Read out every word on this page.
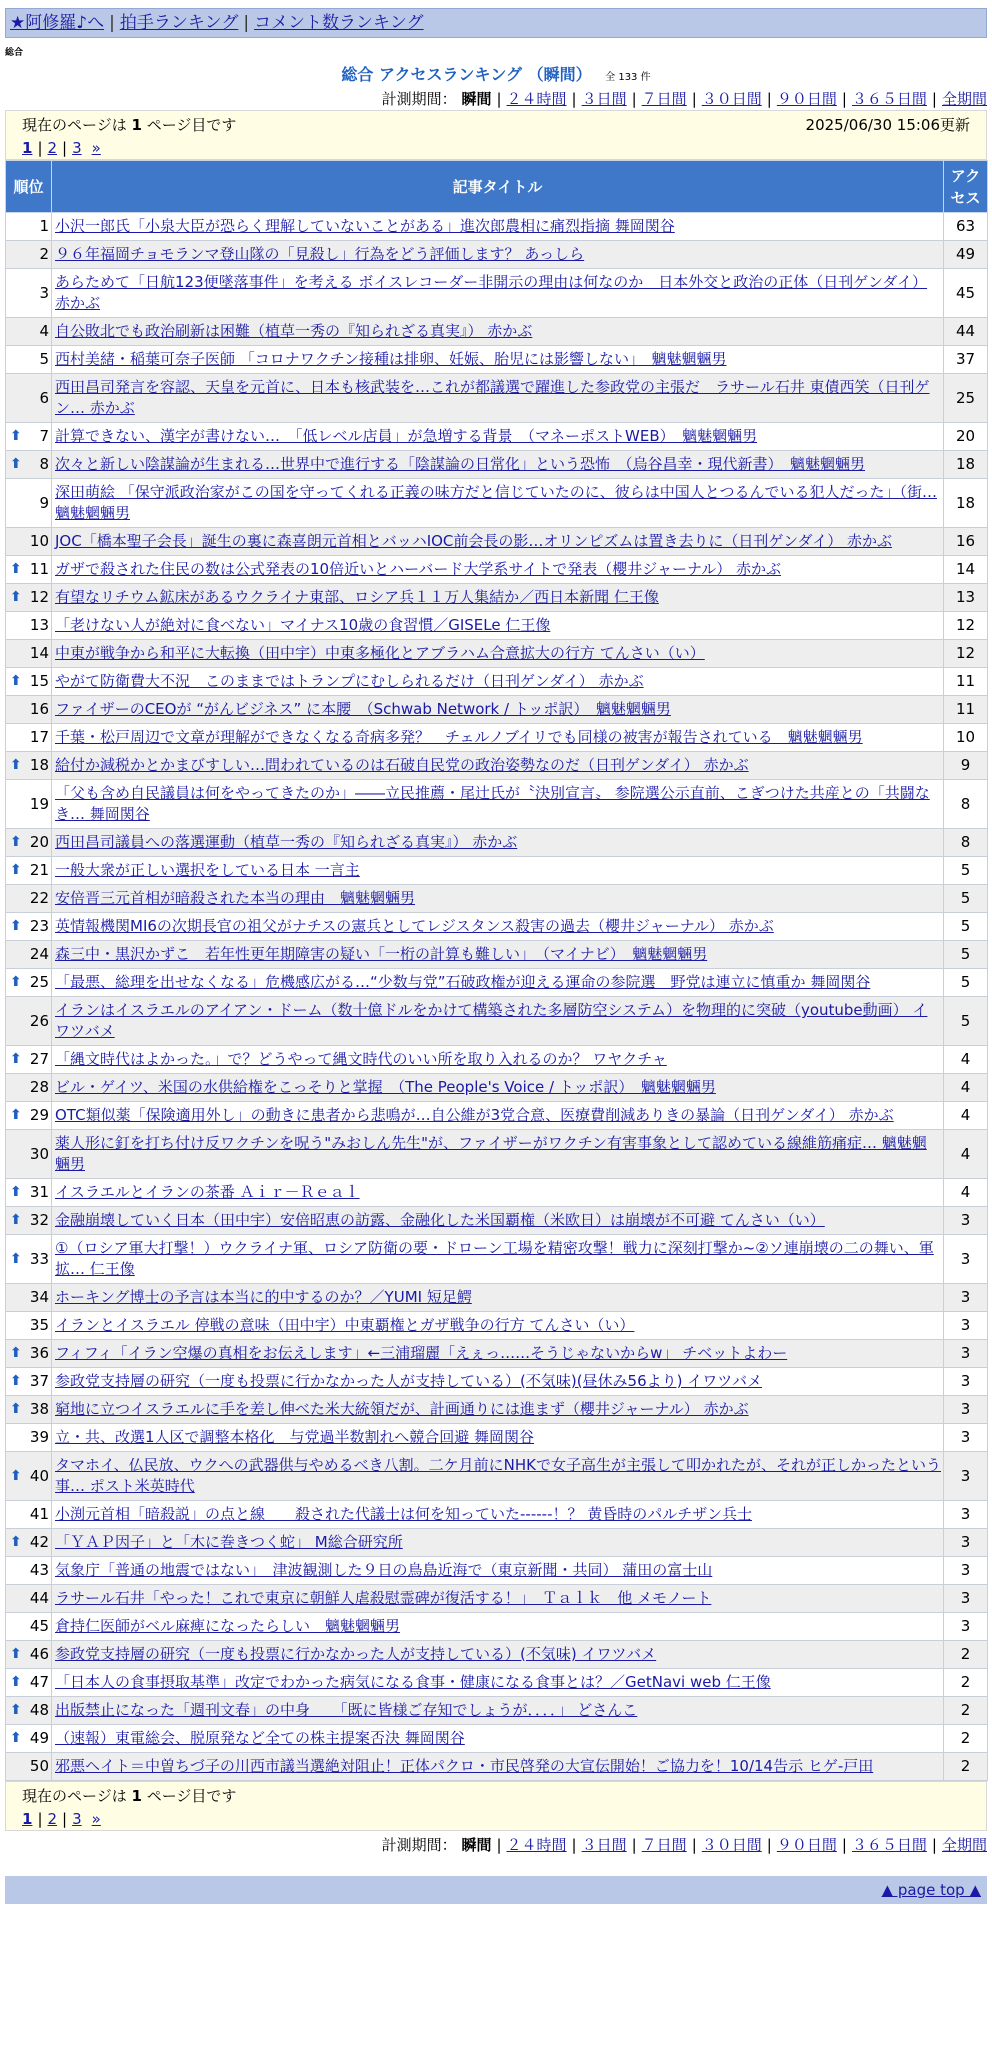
★阿修羅♪へ | 拍手ランキング | コメント数ランキング
総合
総合 アクセスランキング （瞬間） 全 133 件
計測期間： 瞬間 | ２４時間 | ３日間 | ７日間 | ３０日間 | ９０日間 | ３６５日間 | 全期間
現在のページは 1 ページ目です	2025/06/30 15:06更新
1 | 2 | 3 »
順位	記事タイトル	アクセス
1	小沢一郎氏「小泉大臣が恐らく理解していないことがある」進次郎農相に痛烈指摘 舞岡関谷	63
2	９６年福岡チョモランマ登山隊の「見殺し」行為をどう評価します？ あっしら	49
3	あらためて「日航123便墜落事件」を考える ボイスレコーダー非開示の理由は何なのか　日本外交と政治の正体（日刊ゲンダイ） 赤かぶ	45
4	自公敗北でも政治刷新は困難（植草一秀の『知られざる真実』） 赤かぶ	44
5	西村美緒・稲葉可奈子医師 「コロナワクチン接種は排卵、妊娠、胎児には影響しない」　魑魅魍魎男	37
6	西田昌司発言を容認、天皇を元首に、日本も核武装を…これが都議選で躍進した参政党の主張だ　ラサール石井 東債西笑（日刊ゲン… 赤かぶ	25

⬆ 7	計算できない、漢字が書けない…　「低レベル店員」が急増する背景　（マネーポストWEB）　魑魅魍魎男	20

⬆ 8	次々と新しい陰謀論が生まれる…世界中で進行する「陰謀論の日常化」という恐怖　（烏谷昌幸・現代新書）　魑魅魍魎男	18
9	深田萌絵 「保守派政治家がこの国を守ってくれる正義の味方だと信じていたのに、彼らは中国人とつるんでいる犯人だった」（街… 魑魅魍魎男	18
10	JOC「橋本聖子会長」誕生の裏に森喜朗元首相とバッハIOC前会長の影…オリンピズムは置き去りに（日刊ゲンダイ） 赤かぶ	16

⬆ 11	ガザで殺された住民の数は公式発表の10倍近いとハーバード大学系サイトで発表（櫻井ジャーナル） 赤かぶ	14

⬆ 12	有望なリチウム鉱床があるウクライナ東部、ロシア兵１１万人集結か／西日本新聞 仁王像	13
13	「老けない人が絶対に食べない」マイナス10歳の食習慣／GISELe 仁王像	12
14	中東が戦争から和平に大転換（田中宇）中東多極化とアブラハム合意拡大の行方 てんさい（い）	12

⬆ 15	やがて防衛費大不況　このままではトランプにむしられるだけ（日刊ゲンダイ） 赤かぶ	11
16	ファイザーのCEOが “がんビジネス” に本腰　（Schwab Network / トッポ訳）　魑魅魍魎男	11
17	千葉・松戸周辺で文章が理解ができなくなる奇病多発？　チェルノブイリでも同様の被害が報告されている　魑魅魍魎男	10

⬆ 18	給付か減税かとかまびすしい…問われているのは石破自民党の政治姿勢なのだ（日刊ゲンダイ） 赤かぶ	9
19	「父も含め自民議員は何をやってきたのか」――立民推薦・尾辻氏が〝決別宣言〟 参院選公示直前、こぎつけた共産との「共闘なき… 舞岡関谷	8

⬆ 20	西田昌司議員への落選運動（植草一秀の『知られざる真実』） 赤かぶ	8

⬆ 21	一般大衆が正しい選択をしている日本 一言主	5
22	安倍晋三元首相が暗殺された本当の理由　魑魅魍魎男	5

⬆ 23	英情報機関MI6の次期長官の祖父がナチスの憲兵としてレジスタンス殺害の過去（櫻井ジャーナル） 赤かぶ	5
24	森三中・黒沢かずこ　若年性更年期障害の疑い「一桁の計算も難しい」　（マイナビ）　魑魅魍魎男	5

⬆ 25	「最悪、総理を出せなくなる」危機感広がる…“少数与党”石破政権が迎える運命の参院選　野党は連立に慎重か 舞岡関谷	5
26	イランはイスラエルのアイアン・ドーム（数十億ドルをかけて構築された多層防空システム）を物理的に突破（youtube動画） イワツバメ	5

⬆ 27	「縄文時代はよかった。」で？どうやって縄文時代のいい所を取り入れるのか？ ワヤクチャ	4
28	ビル・ゲイツ、米国の水供給権をこっそりと掌握　（The People's Voice / トッポ訳）　魑魅魍魎男	4

⬆ 29	OTC類似薬「保険適用外し」の動きに患者から悲鳴が…自公維が3党合意、医療費削減ありきの暴論（日刊ゲンダイ） 赤かぶ	4
30	薬人形に釘を打ち付け反ワクチンを呪う"みおしん先生"が、ファイザーがワクチン有害事象として認めている線維筋痛症… 魑魅魍魎男	4

⬆ 31	イスラエルとイランの茶番 Ａｉｒ－Ｒｅａｌ	4

⬆ 32	金融崩壊していく日本（田中宇）安倍昭恵の訪露、金融化した米国覇権（米欧日）は崩壊が不可避 てんさい（い）	3

⬆ 33	①（ロシア軍大打撃！）ウクライナ軍、ロシア防衛の要・ドローン工場を精密攻撃！戦力に深刻打撃か~②ソ連崩壊の二の舞い、軍拡… 仁王像	3
34	ホーキング博士の予言は本当に的中するのか？／YUMI 短足鰐	3
35	イランとイスラエル 停戦の意味（田中宇）中東覇権とガザ戦争の行方 てんさい（い）	3

⬆ 36	フィフィ「イラン空爆の真相をお伝えします」←三浦瑠麗「えぇっ……そうじゃないからw」 チベットよわー	3

⬆ 37	参政党支持層の研究（一度も投票に行かなかった人が支持している）(不気味)(昼休み56より) イワツバメ	3

⬆ 38	窮地に立つイスラエルに手を差し伸べた米大統領だが、計画通りには進まず（櫻井ジャーナル） 赤かぶ	3
39	立・共、改選1人区で調整本格化　与党過半数割れへ競合回避 舞岡関谷	3

⬆ 40	タマホイ、仏民放、ウクへの武器供与やめるべき八割。二ケ月前にNHKで女子高生が主張して叩かれたが、それが正しかったという事… ポスト米英時代	3
41	小渕元首相「暗殺説」の点と線　　殺された代議士は何を知っていた------！？ 黄昏時のパルチザン兵士	3

⬆ 42	「ＹＡＰ因子」と「木に巻きつく蛇」 M総合研究所	3
43	気象庁「普通の地震ではない」　津波観測した９日の鳥島近海で（東京新聞・共同） 蒲田の富士山	3
44	ラサール石井「やった！これで東京に朝鮮人虐殺慰霊碑が復活する！」　Ｔａｌｋ　他 メモノート	3
45	倉持仁医師がベル麻痺になったらしい　魑魅魍魎男	3

⬆ 46	参政党支持層の研究（一度も投票に行かなかった人が支持している）(不気味) イワツバメ	2

⬆ 47	「日本人の食事摂取基準」改定でわかった病気になる食事・健康になる食事とは？／GetNavi web 仁王像	2

⬆ 48	出版禁止になった「週刊文春」の中身　　「既に皆様ご存知でしょうが．．．．」 どさんこ	2

⬆ 49	（速報）東電総会、脱原発など全ての株主提案否決 舞岡関谷	2
50	邪悪ヘイト＝中曽ちづ子の川西市議当選絶対阻止！正体パクロ・市民啓発の大宣伝開始！ご協力を！10/14告示 ヒゲ-戸田	2
現在のページは 1 ページ目です
1 | 2 | 3 »
計測期間： 瞬間 | ２４時間 | ３日間 | ７日間 | ３０日間 | ９０日間 | ３６５日間 | 全期間
▲ page top ▲
